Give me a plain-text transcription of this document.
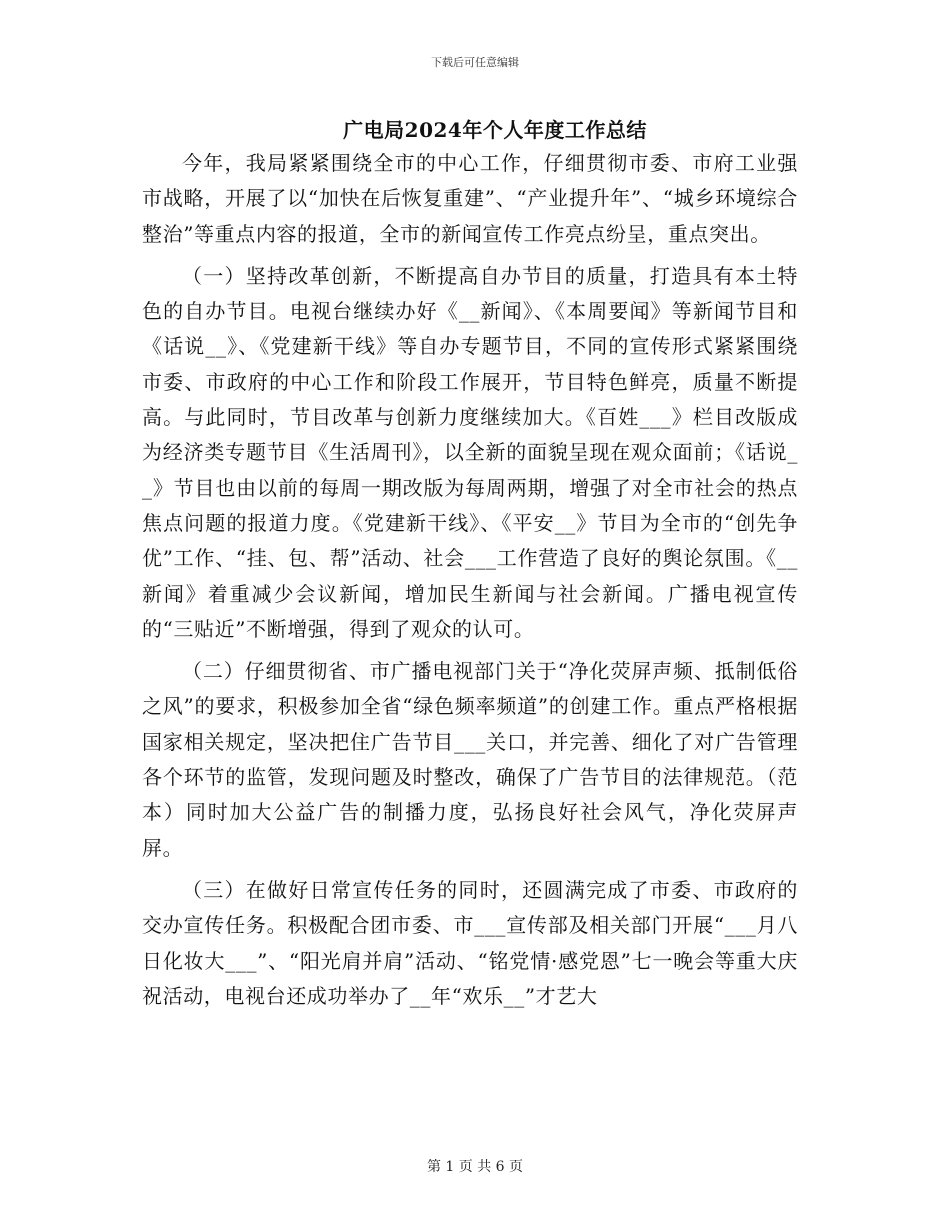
下载后可任意编辑
广电局2024年个人年度工作总结

今年，我局紧紧围绕全市的中心工作，仔细贯彻市委、市府工业强市战略，开展了以“加快在后恢复重建”、“产业提升年”、“城乡环境综合整治”等重点内容的报道，全市的新闻宣传工作亮点纷呈，重点突出。

（一）坚持改革创新，不断提高自办节目的质量，打造具有本土特色的自办节目。电视台继续办好《__新闻》、《本周要闻》等新闻节目和《话说__》、《党建新干线》等自办专题节目，不同的宣传形式紧紧围绕市委、市政府的中心工作和阶段工作展开，节目特色鲜亮，质量不断提高。与此同时，节目改革与创新力度继续加大。《百姓___》栏目改版成为经济类专题节目《生活周刊》，以全新的面貌呈现在观众面前；《话说__》节目也由以前的每周一期改版为每周两期，增强了对全市社会的热点焦点问题的报道力度。《党建新干线》、《平安__》节目为全市的“创先争优”工作、“挂、包、帮”活动、社会___工作营造了良好的舆论氛围。《__新闻》着重减少会议新闻，增加民生新闻与社会新闻。广播电视宣传的“三贴近”不断增强，得到了观众的认可。

（二）仔细贯彻省、市广播电视部门关于“净化荧屏声频、抵制低俗之风”的要求，积极参加全省“绿色频率频道”的创建工作。重点严格根据国家相关规定，坚决把住广告节目___关口，并完善、细化了对广告管理各个环节的监管，发现问题及时整改，确保了广告节目的法律规范。（范本）同时加大公益广告的制播力度，弘扬良好社会风气，净化荧屏声屏。

（三）在做好日常宣传任务的同时，还圆满完成了市委、市政府的交办宣传任务。积极配合团市委、市___宣传部及相关部门开展“___月八日化妆大___”、“阳光肩并肩”活动、“铭党情·感党恩”七一晚会等重大庆祝活动，电视台还成功举办了__年“欢乐__”才艺大

第 1 页 共 6 页
